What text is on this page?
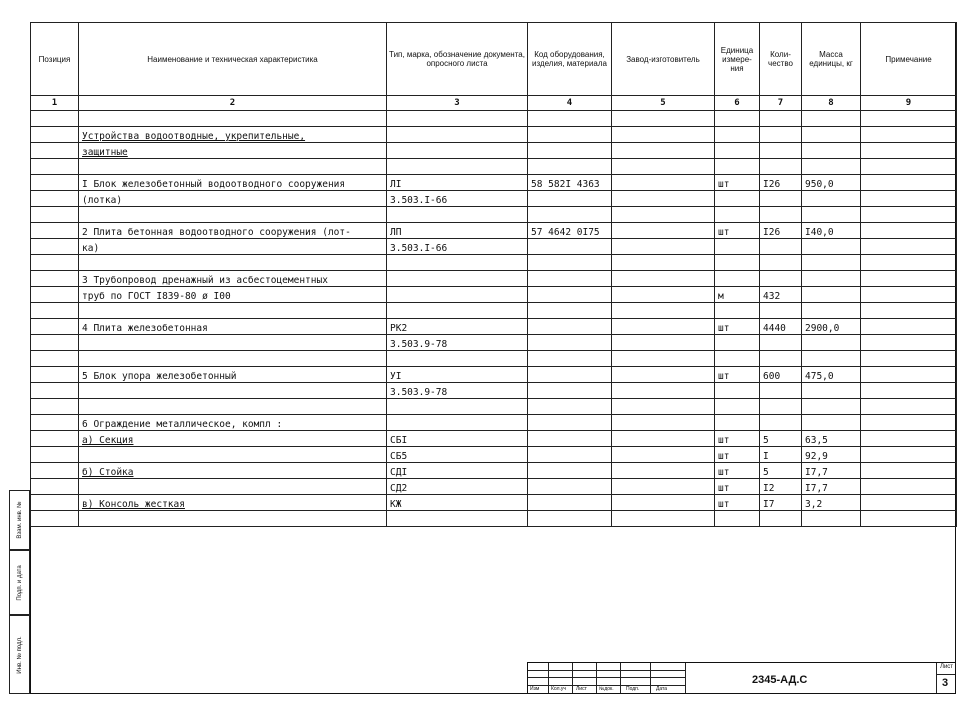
Позиция	Наименование и техническая характеристика	Тип, марка, обозначение документа, опросного листа	Код оборудования, изделия, материала	Завод-изготовитель	Единица измере-ния	Коли-чество	Масса единицы, кг	Примечание
1	2	3	4	5	6	7	8	9

	Устройства водоотводные, укрепительные,							
	защитные							

	I Блок железобетонный водоотводного сооружения	ЛI	58 582I 4363		шт	I26	950,0	
	(лотка)	3.503.I-66						

	2 Плита бетонная водоотводного сооружения (лот-	ЛП	57 4642 0I75		шт	I26	I40,0	
	ка)	3.503.I-66						

	3 Трубопровод дренажный из асбестоцементных							
	труб по ГОСТ I839-80 ø I00				м	432		

	4 Плита железобетонная	РК2			шт	4440	2900,0	
		3.503.9-78						

	5 Блок упора железобетонный	УI			шт	600	475,0	
		3.503.9-78						

	6 Ограждение металлическое, компл :							
	а) Секция	СБI			шт	5	63,5	
		СБ5			шт	I	92,9	
	б) Стойка	СДI			шт	5	I7,7	
		СД2			шт	I2	I7,7	
	в) Консоль жесткая	КЖ			шт	I7	3,2	

Взам. инв. №
Подп. и дата
Инв. № подл.
Изм Кол.уч Лист №док. Подп.	Дата
2345-АД.С
Лист
3
